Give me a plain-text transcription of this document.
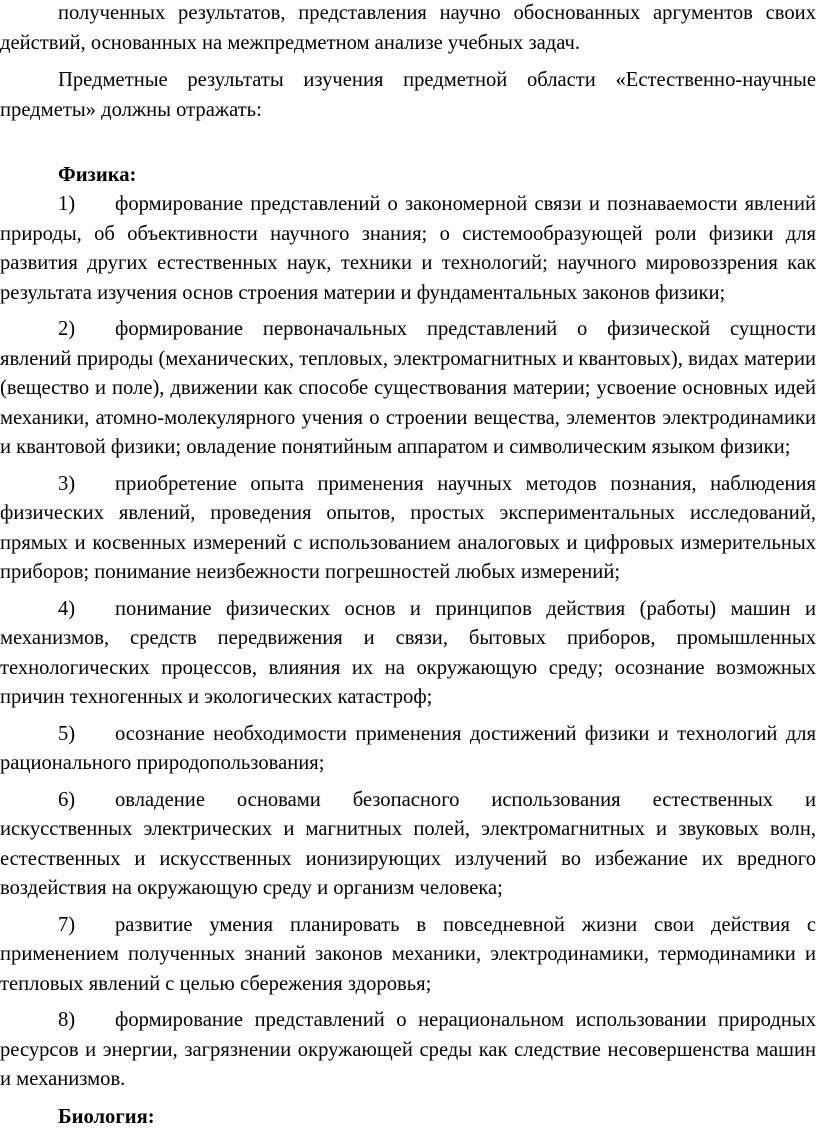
полученных результатов, представления научно обоснованных аргументов своих действий, основанных на межпредметном анализе учебных задач.

Предметные результаты изучения предметной области «Естественно-научные предметы» должны отражать:

Физика:

1) формирование представлений о закономерной связи и познаваемости явлений природы, об объективности научного знания; о системообразующей роли физики для развития других естественных наук, техники и технологий; научного мировоззрения как результата изучения основ строения материи и фундаментальных законов физики;

2) формирование первоначальных представлений о физической сущности явлений природы (механических, тепловых, электромагнитных и квантовых), видах материи (вещество и поле), движении как способе существования материи; усвоение основных идей механики, атомно-молекулярного учения о строении вещества, элементов электродинамики и квантовой физики; овладение понятийным аппаратом и символическим языком физики;

3) приобретение опыта применения научных методов познания, наблюдения физических явлений, проведения опытов, простых экспериментальных исследований, прямых и косвенных измерений с использованием аналоговых и цифровых измерительных приборов; понимание неизбежности погрешностей любых измерений;

4) понимание физических основ и принципов действия (работы) машин и механизмов, средств передвижения и связи, бытовых приборов, промышленных технологических процессов, влияния их на окружающую среду; осознание возможных причин техногенных и экологических катастроф;

5) осознание необходимости применения достижений физики и технологий для рационального природопользования;

6) овладение основами безопасного использования естественных и искусственных электрических и магнитных полей, электромагнитных и звуковых волн, естественных и искусственных ионизирующих излучений во избежание их вредного воздействия на окружающую среду и организм человека;

7) развитие умения планировать в повседневной жизни свои действия с применением полученных знаний законов механики, электродинамики, термодинамики и тепловых явлений с целью сбережения здоровья;

8) формирование представлений о нерациональном использовании природных ресурсов и энергии, загрязнении окружающей среды как следствие несовершенства машин и механизмов.

Биология:
